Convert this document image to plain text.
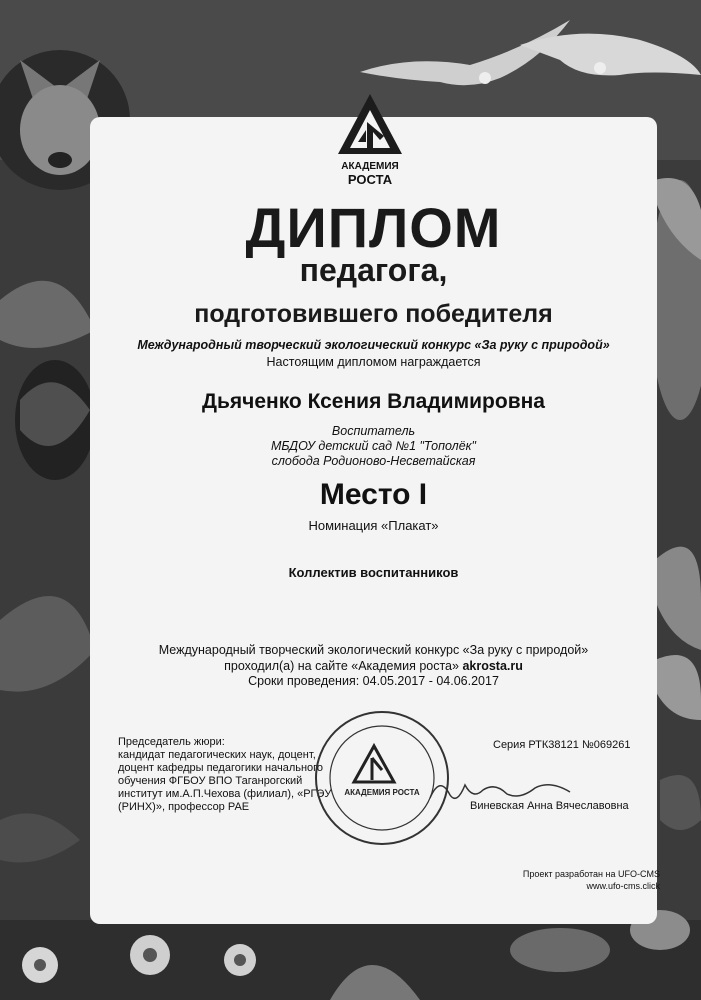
АКАДЕМИЯ
РОСТА
ДИПЛОМ
педагога,
подготовившего победителя
Международный творческий экологический конкурс «За руку с природой»
Настоящим дипломом награждается
Дьяченко Ксения Владимировна
Воспитатель
МБДОУ детский сад №1 "Тополёк"
слобода Родионово-Несветайская
Место I
Номинация «Плакат»
Коллектив воспитанников
Международный творческий экологический конкурс «За руку с природой»
проходил(а) на сайте «Академия роста» akrosta.ru
Сроки проведения: 04.05.2017 - 04.06.2017
Председатель жюри:
кандидат педагогических наук, доцент,
доцент кафедры педагогики начального
обучения ФГБОУ ВПО Таганрогский
институт им.А.П.Чехова (филиал), «РГЭУ
(РИНХ)», профессор РАЕ
Серия РТК38121 №069261
АКАДЕМИЯ РОСТА
Виневская Анна Вячеславовна
Проект разработан на UFO-CMS
www.ufo-cms.click
